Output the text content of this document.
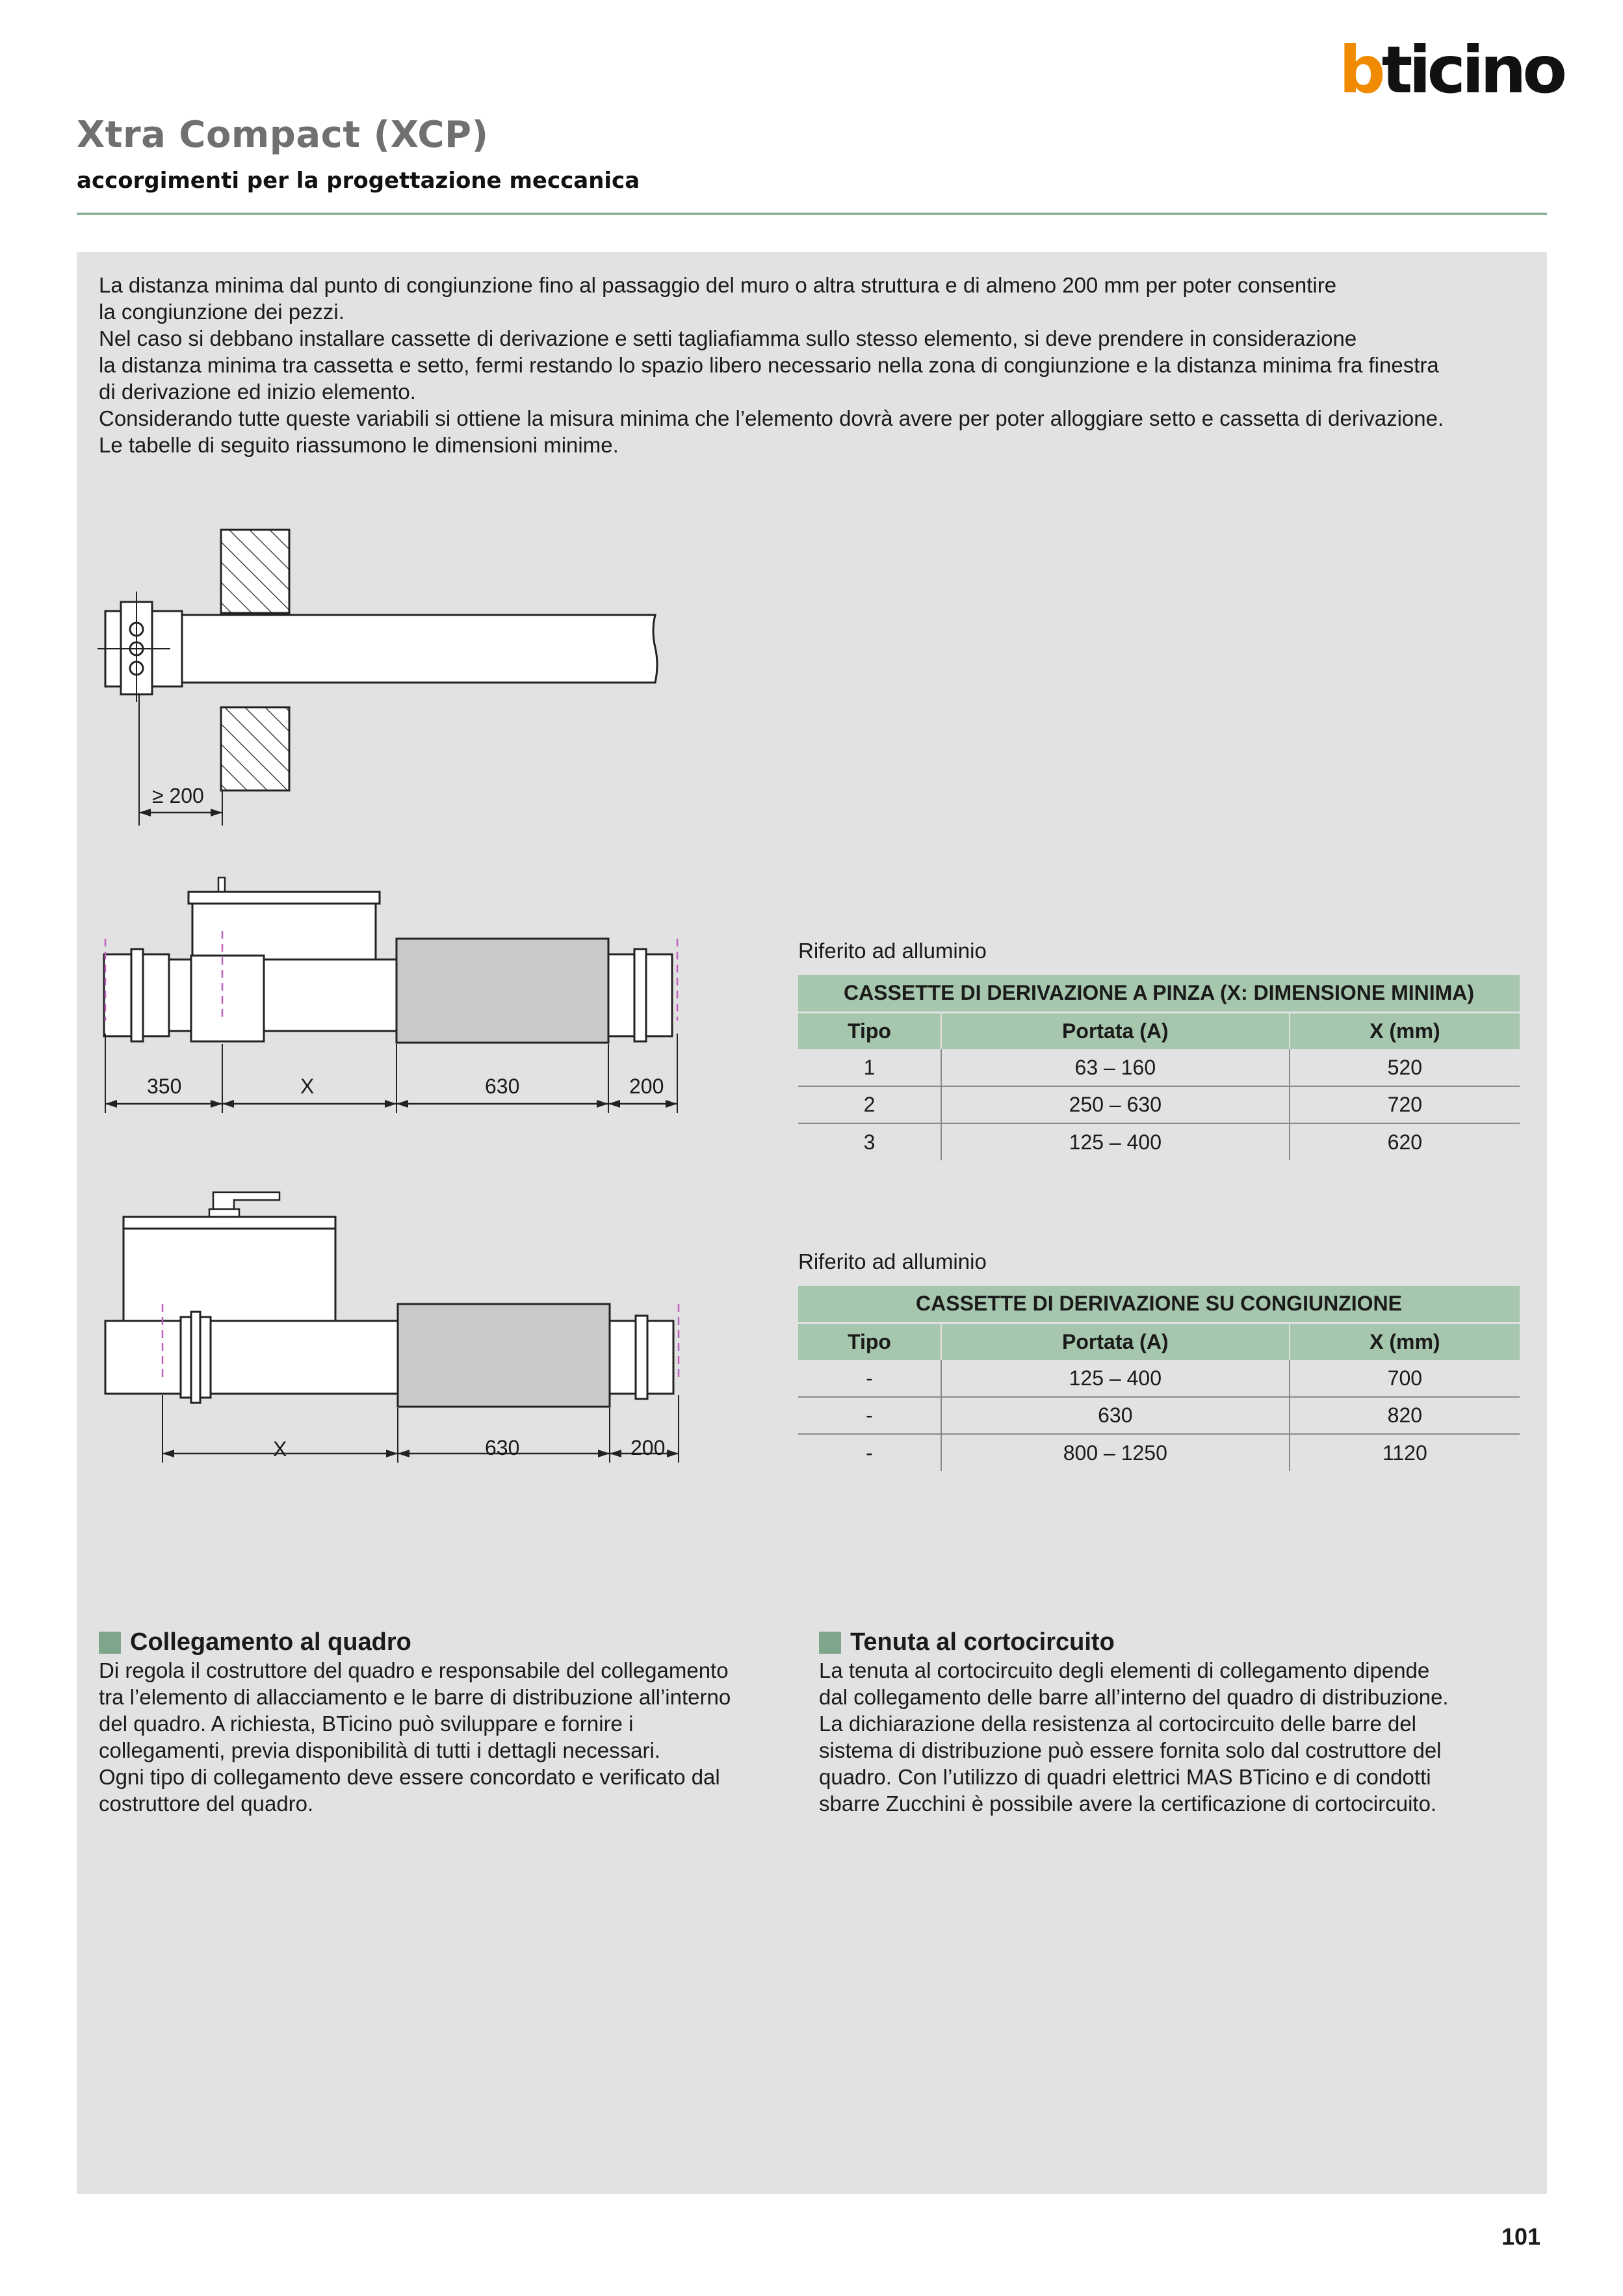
b ticino
Xtra Compact (XCP)
accorgimenti per la progettazione meccanica

La distanza minima dal punto di congiunzione fino al passaggio del muro o altra struttura e di almeno 200 mm per poter consentire
la congiunzione dei pezzi.
Nel caso si debbano installare cassette di derivazione e setti tagliafiamma sullo stesso elemento, si deve prendere in considerazione
la distanza minima tra cassetta e setto, fermi restando lo spazio libero necessario nella zona di congiunzione e la distanza minima fra finestra
di derivazione ed inizio elemento.
Considerando tutte queste variabili si ottiene la misura minima che l’elemento dovrà avere per poter alloggiare setto e cassetta di derivazione.
Le tabelle di seguito riassumono le dimensioni minime.

≥ 200
350	X	630	200
X	630	200
Riferito ad alluminio
CASSETTE DI DERIVAZIONE A PINZA (X: DIMENSIONE MINIMA)		
Tipo	Portata (A)	X (mm)
1	63 – 160	520
2	250 – 630	720
3	125 – 400	620
Riferito ad alluminio
CASSETTE DI DERIVAZIONE SU CONGIUNZIONE		
Tipo	Portata (A)	X (mm)
-	125 – 400	700
-	630	820
-	800 – 1250	1120
Collegamento al quadro

Di regola il costruttore del quadro e responsabile del collegamento
tra l’elemento di allacciamento e le barre di distribuzione all’interno
del quadro. A richiesta, BTicino può sviluppare e fornire i
collegamenti, previa disponibilità di tutti i dettagli necessari.
Ogni tipo di collegamento deve essere concordato e verificato dal
costruttore del quadro.

Tenuta al cortocircuito

La tenuta al cortocircuito degli elementi di collegamento dipende
dal collegamento delle barre all’interno del quadro di distribuzione.
La dichiarazione della resistenza al cortocircuito delle barre del
sistema di distribuzione può essere fornita solo dal costruttore del
quadro. Con l’utilizzo di quadri elettrici MAS BTicino e di condotti
sbarre Zucchini è possibile avere la certificazione di cortocircuito.

101
